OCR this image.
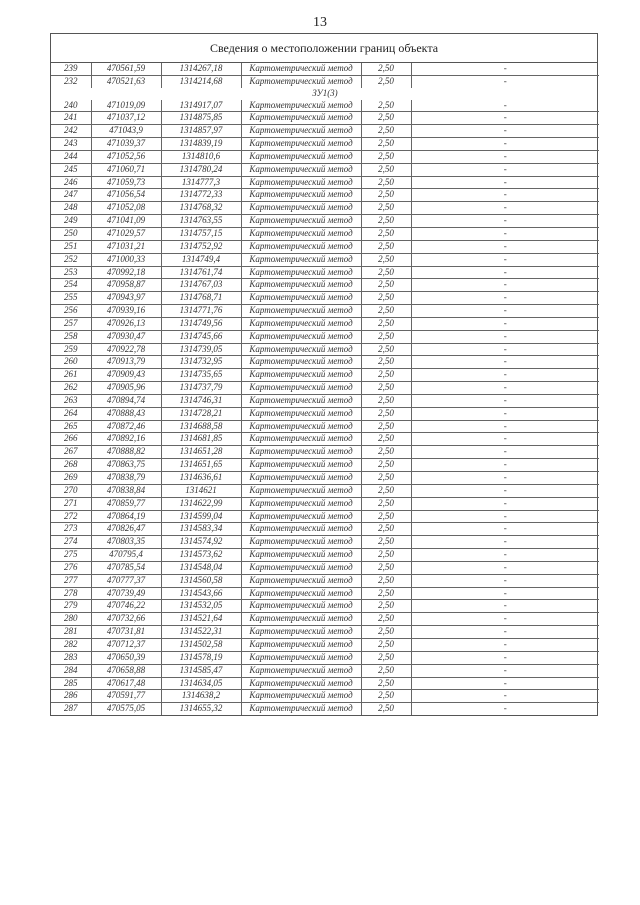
13
Сведения о местоположении границ объекта
239	470561,59	1314267,18	Картометрический метод	2,50	-
232	470521,63	1314214,68	Картометрический метод	2,50	-
ЗУ1(3)					
240	471019,09	1314917,07	Картометрический метод	2,50	-
241	471037,12	1314875,85	Картометрический метод	2,50	-
242	471043,9	1314857,97	Картометрический метод	2,50	-
243	471039,37	1314839,19	Картометрический метод	2,50	-
244	471052,56	1314810,6	Картометрический метод	2,50	-
245	471060,71	1314780,24	Картометрический метод	2,50	-
246	471059,73	1314777,3	Картометрический метод	2,50	-
247	471056,54	1314772,33	Картометрический метод	2,50	-
248	471052,08	1314768,32	Картометрический метод	2,50	-
249	471041,09	1314763,55	Картометрический метод	2,50	-
250	471029,57	1314757,15	Картометрический метод	2,50	-
251	471031,21	1314752,92	Картометрический метод	2,50	-
252	471000,33	1314749,4	Картометрический метод	2,50	-
253	470992,18	1314761,74	Картометрический метод	2,50	-
254	470958,87	1314767,03	Картометрический метод	2,50	-
255	470943,97	1314768,71	Картометрический метод	2,50	-
256	470939,16	1314771,76	Картометрический метод	2,50	-
257	470926,13	1314749,56	Картометрический метод	2,50	-
258	470930,47	1314745,66	Картометрический метод	2,50	-
259	470922,78	1314739,05	Картометрический метод	2,50	-
260	470913,79	1314732,95	Картометрический метод	2,50	-
261	470909,43	1314735,65	Картометрический метод	2,50	-
262	470905,96	1314737,79	Картометрический метод	2,50	-
263	470894,74	1314746,31	Картометрический метод	2,50	-
264	470888,43	1314728,21	Картометрический метод	2,50	-
265	470872,46	1314688,58	Картометрический метод	2,50	-
266	470892,16	1314681,85	Картометрический метод	2,50	-
267	470888,82	1314651,28	Картометрический метод	2,50	-
268	470863,75	1314651,65	Картометрический метод	2,50	-
269	470838,79	1314636,61	Картометрический метод	2,50	-
270	470838,84	1314621	Картометрический метод	2,50	-
271	470859,77	1314622,99	Картометрический метод	2,50	-
272	470864,19	1314599,04	Картометрический метод	2,50	-
273	470826,47	1314583,34	Картометрический метод	2,50	-
274	470803,35	1314574,92	Картометрический метод	2,50	-
275	470795,4	1314573,62	Картометрический метод	2,50	-
276	470785,54	1314548,04	Картометрический метод	2,50	-
277	470777,37	1314560,58	Картометрический метод	2,50	-
278	470739,49	1314543,66	Картометрический метод	2,50	-
279	470746,22	1314532,05	Картометрический метод	2,50	-
280	470732,66	1314521,64	Картометрический метод	2,50	-
281	470731,81	1314522,31	Картометрический метод	2,50	-
282	470712,37	1314502,58	Картометрический метод	2,50	-
283	470650,39	1314578,19	Картометрический метод	2,50	-
284	470658,88	1314585,47	Картометрический метод	2,50	-
285	470617,48	1314634,05	Картометрический метод	2,50	-
286	470591,77	1314638,2	Картометрический метод	2,50	-
287	470575,05	1314655,32	Картометрический метод	2,50	-
